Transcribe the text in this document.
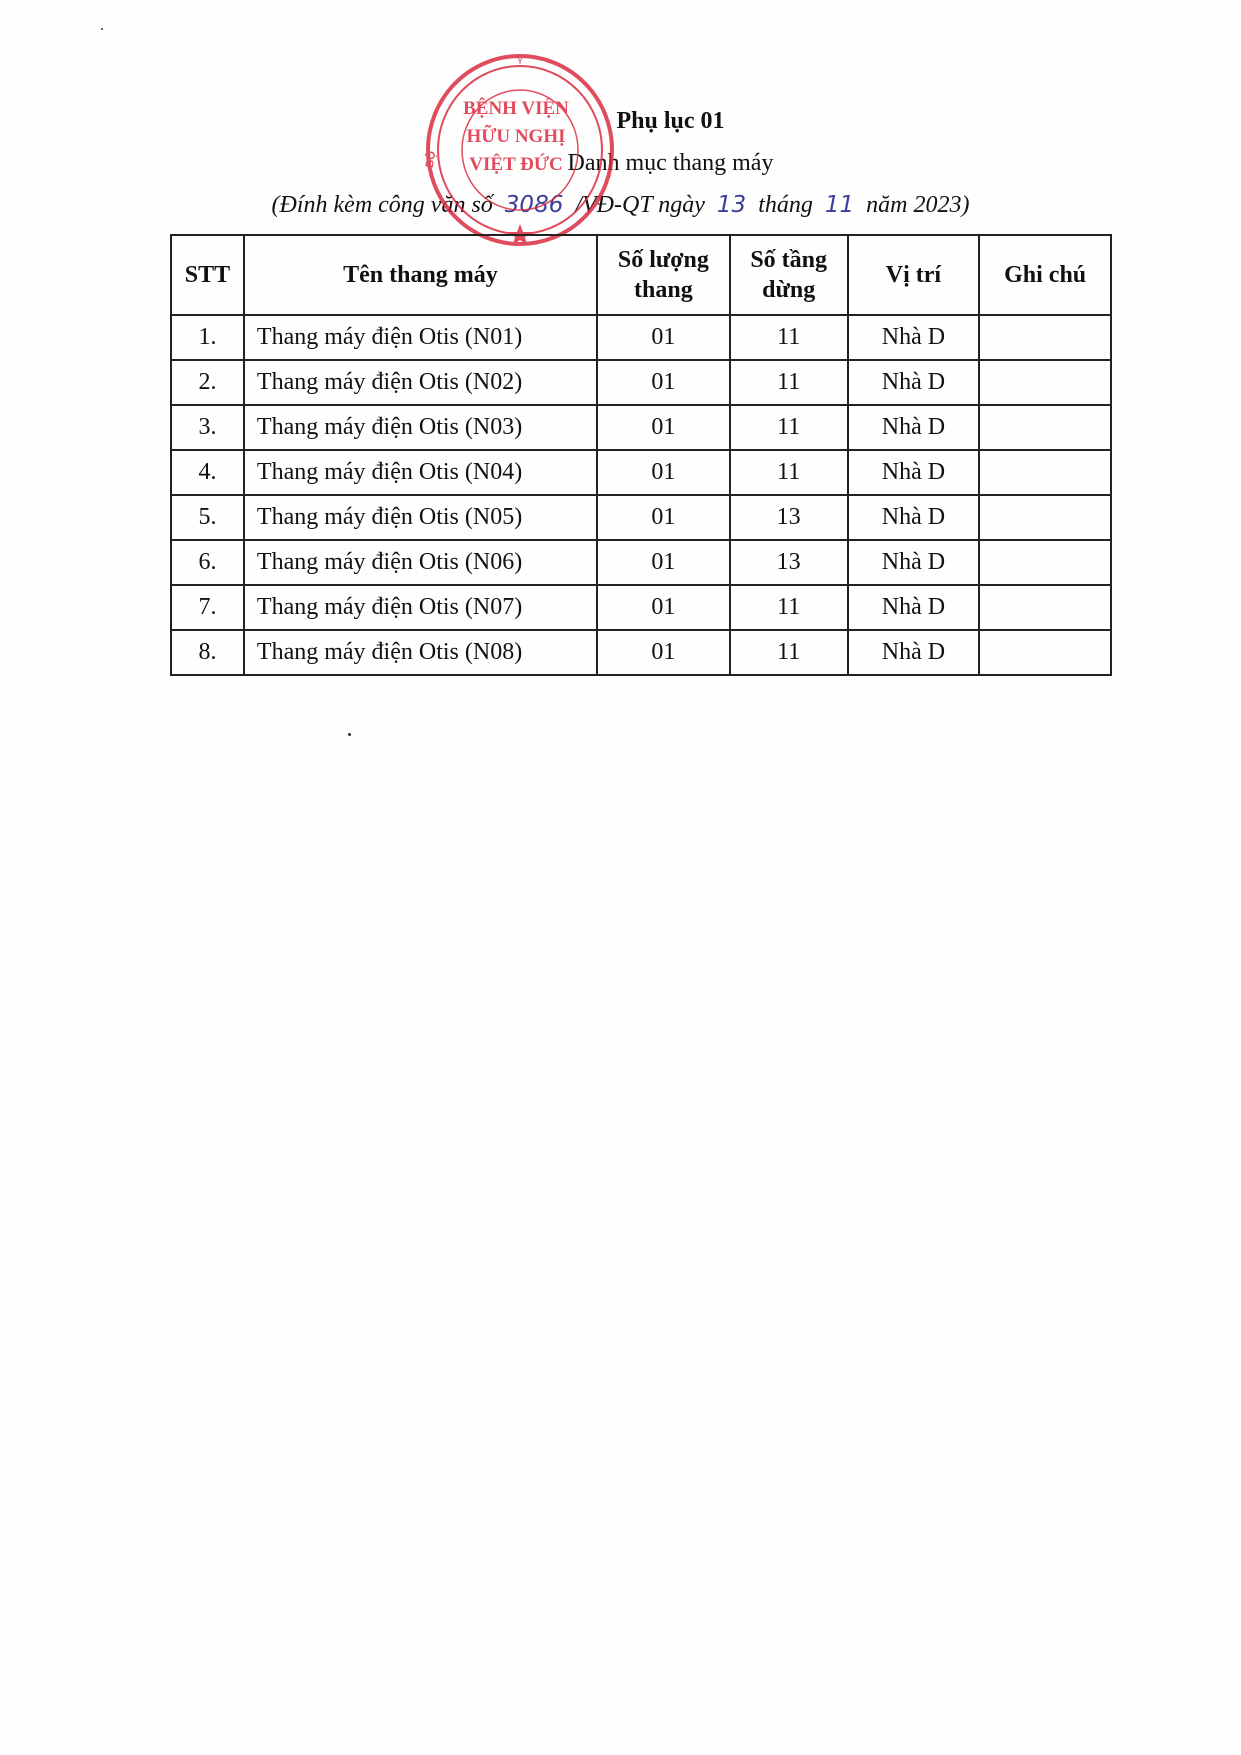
Phụ lục 01
Danh mục thang máy
(Đính kèm công văn số 3086 /VĐ-QT ngày 13 tháng 11 năm 2023)
Y
BỘ
BỆNH VIỆN
HỮU NGHỊ
VIỆT ĐỨC
STT	Tên thang máy	Số lượng thang	Số tầng dừng	Vị trí	Ghi chú
1.	Thang máy điện Otis (N01)	01	11	Nhà D	
2.	Thang máy điện Otis (N02)	01	11	Nhà D	
3.	Thang máy điện Otis (N03)	01	11	Nhà D	
4.	Thang máy điện Otis (N04)	01	11	Nhà D	
5.	Thang máy điện Otis (N05)	01	13	Nhà D	
6.	Thang máy điện Otis (N06)	01	13	Nhà D	
7.	Thang máy điện Otis (N07)	01	11	Nhà D	
8.	Thang máy điện Otis (N08)	01	11	Nhà D	
